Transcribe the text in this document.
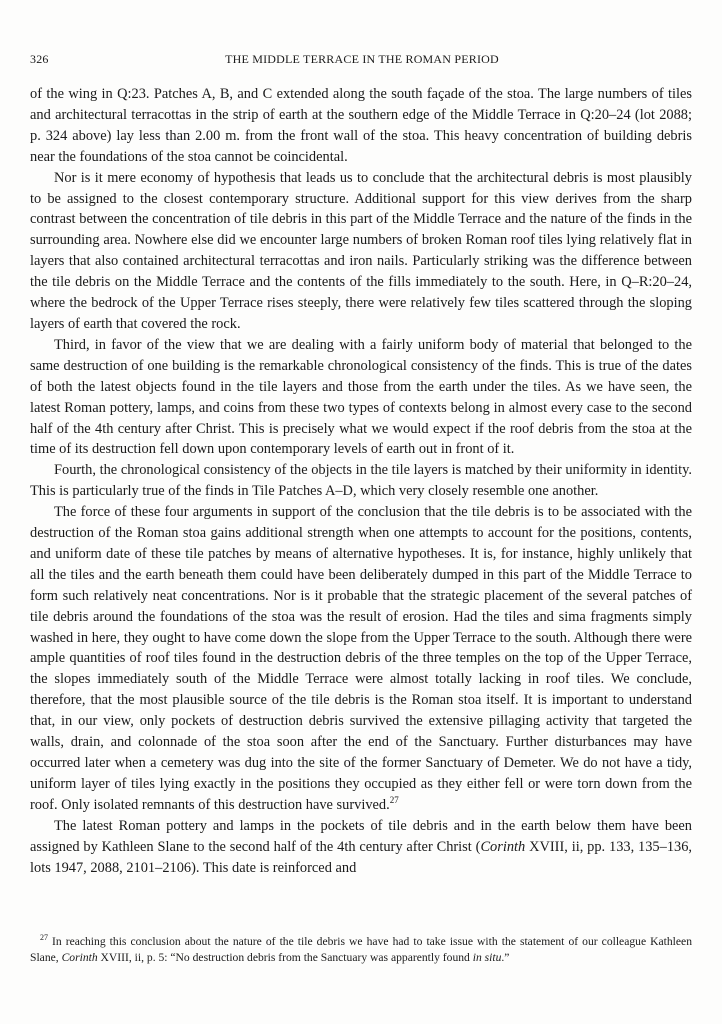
326	THE MIDDLE TERRACE IN THE ROMAN PERIOD

of the wing in Q:23. Patches A, B, and C extended along the south façade of the stoa. The large numbers of tiles and architectural terracottas in the strip of earth at the southern edge of the Middle Terrace in Q:20–24 (lot 2088; p. 324 above) lay less than 2.00 m. from the front wall of the stoa. This heavy concentration of building debris near the foundations of the stoa cannot be coincidental.

Nor is it mere economy of hypothesis that leads us to conclude that the architectural debris is most plausibly to be assigned to the closest contemporary structure. Additional support for this view derives from the sharp contrast between the concentration of tile debris in this part of the Middle Terrace and the nature of the finds in the surrounding area. Nowhere else did we encounter large numbers of broken Roman roof tiles lying relatively flat in layers that also contained architectural terracottas and iron nails. Particularly striking was the difference between the tile debris on the Middle Terrace and the contents of the fills immediately to the south. Here, in Q–R:20–24, where the bedrock of the Upper Terrace rises steeply, there were relatively few tiles scattered through the sloping layers of earth that covered the rock.

Third, in favor of the view that we are dealing with a fairly uniform body of material that belonged to the same destruction of one building is the remarkable chronological consistency of the finds. This is true of the dates of both the latest objects found in the tile layers and those from the earth under the tiles. As we have seen, the latest Roman pottery, lamps, and coins from these two types of contexts belong in almost every case to the second half of the 4th century after Christ. This is precisely what we would expect if the roof debris from the stoa at the time of its destruction fell down upon contemporary levels of earth out in front of it.

Fourth, the chronological consistency of the objects in the tile layers is matched by their uniformity in identity. This is particularly true of the finds in Tile Patches A–D, which very closely resemble one another.

The force of these four arguments in support of the conclusion that the tile debris is to be associated with the destruction of the Roman stoa gains additional strength when one attempts to account for the positions, contents, and uniform date of these tile patches by means of alternative hypotheses. It is, for instance, highly unlikely that all the tiles and the earth beneath them could have been deliberately dumped in this part of the Middle Terrace to form such relatively neat concentrations. Nor is it probable that the strategic placement of the several patches of tile debris around the foundations of the stoa was the result of erosion. Had the tiles and sima fragments simply washed in here, they ought to have come down the slope from the Upper Terrace to the south. Although there were ample quantities of roof tiles found in the destruction debris of the three temples on the top of the Upper Terrace, the slopes immediately south of the Middle Terrace were almost totally lacking in roof tiles. We conclude, therefore, that the most plausible source of the tile debris is the Roman stoa itself. It is important to understand that, in our view, only pockets of destruction debris survived the extensive pillaging activity that targeted the walls, drain, and colonnade of the stoa soon after the end of the Sanctuary. Further disturbances may have occurred later when a cemetery was dug into the site of the former Sanctuary of Demeter. We do not have a tidy, uniform layer of tiles lying exactly in the positions they occupied as they either fell or were torn down from the roof. Only isolated remnants of this destruction have survived.$^{27}$

The latest Roman pottery and lamps in the pockets of tile debris and in the earth below them have been assigned by Kathleen Slane to the second half of the 4th century after Christ (Corinth XVIII, ii, pp. 133, 135–136, lots 1947, 2088, 2101–2106). This date is reinforced and

$^{27}$ In reaching this conclusion about the nature of the tile debris we have had to take issue with the statement of our colleague Kathleen Slane, Corinth XVIII, ii, p. 5: “No destruction debris from the Sanctuary was apparently found in situ.”
